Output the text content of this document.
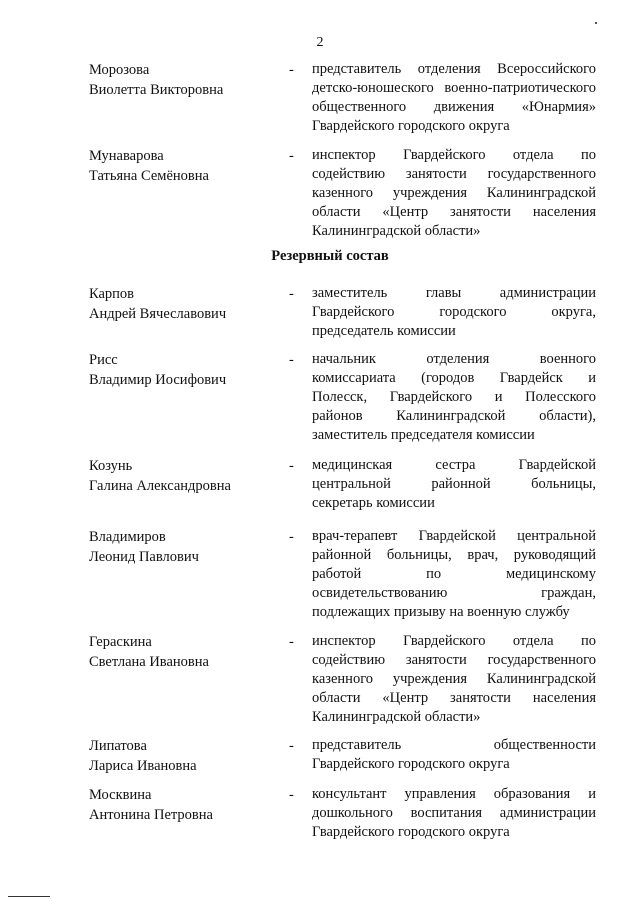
2
Морозова
Виолетта Викторовна
- представитель отделения Всероссийского
детско-юношеского военно-патриотического
общественного движения «Юнармия»
Гвардейского городского округа
Мунаварова
Татьяна Семёновна
- инспектор Гвардейского отдела по
содействию занятости государственного
казенного учреждения Калининградской
области «Центр занятости населения
Калининградской области»
Резервный состав
Карпов
Андрей Вячеславович
- заместитель главы администрации
Гвардейского городского округа,
председатель комиссии
Рисс
Владимир Иосифович
- начальник отделения военного
комиссариата (городов Гвардейск и
Полесск, Гвардейского и Полесского
районов Калининградской области),
заместитель председателя комиссии
Козунь
Галина Александровна
- медицинская сестра Гвардейской
центральной районной больницы,
секретарь комиссии
Владимиров
Леонид Павлович
- врач-терапевт Гвардейской центральной
районной больницы, врач, руководящий
работой по медицинскому
освидетельствованию граждан,
подлежащих призыву на военную службу
Гераскина
Светлана Ивановна
- инспектор Гвардейского отдела по
содействию занятости государственного
казенного учреждения Калининградской
области «Центр занятости населения
Калининградской области»
Липатова
Лариса Ивановна
- представитель общественности
Гвардейского городского округа
Москвина
Антонина Петровна
- консультант управления образования и
дошкольного воспитания администрации
Гвардейского городского округа
